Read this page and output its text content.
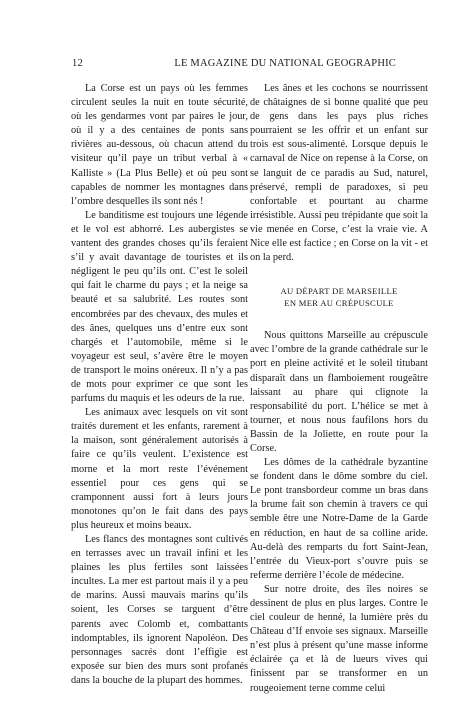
12	LE MAGAZINE DU NATIONAL GEOGRAPHIC

La Corse est un pays où les femmes circulent seules la nuit en toute sécurité, où les gendarmes vont par paires le jour, où il y a des centaines de ponts sans rivières au-dessous, où chacun attend du visiteur qu’il paye un tribut verbal à « Kalliste » (La Plus Belle) et où peu sont capables de nommer les montagnes dans l’ombre desquelles ils sont nés !

Le banditisme est toujours une légende et le vol est abhorré. Les aubergistes se vantent des grandes choses qu’ils feraient s’il y avait davantage de touristes et ils négligent le peu qu’ils ont. C’est le soleil qui fait le charme du pays ; et la neige sa beauté et sa salubrité. Les routes sont encombrées par des chevaux, des mules et des ânes, quelques uns d’entre eux sont chargés et l’automobile, même si le voyageur est seul, s’avère être le moyen de transport le moins onéreux. Il n’y a pas de mots pour exprimer ce que sont les parfums du maquis et les odeurs de la rue.

Les animaux avec lesquels on vit sont traités durement et les enfants, rarement à la maison, sont généralement autorisés à faire ce qu’ils veulent. L’existence est morne et la mort reste l’événement essentiel pour ces gens qui se cramponnent aussi fort à leurs jours monotones qu’on le fait dans des pays plus heureux et moins beaux.

Les flancs des montagnes sont cultivés en terrasses avec un travail infini et les plaines les plus fertiles sont laissées incultes. La mer est partout mais il y a peu de marins. Aussi mauvais marins qu’ils soient, les Corses se targuent d’être parents avec Colomb et, combattants indomptables, ils ignorent Napoléon. Des personnages sacrés dont l’effigie est exposée sur bien des murs sont profanés dans la bouche de la plupart des hommes.

Les ânes et les cochons se nourrissent de châtaignes de si bonne qualité que peu de gens dans les pays plus riches pourraient se les offrir et un enfant sur trois est sous-alimenté. Lorsque depuis le carnaval de Nice on repense à la Corse, on se languit de ce paradis au Sud, naturel, préservé, rempli de paradoxes, si peu confortable et pourtant au charme irrésistible. Aussi peu trépidante que soit la vie menée en Corse, c’est la vraie vie. A Nice elle est factice ; en Corse on la vit - et on la perd.

AU DÉPART DE MARSEILLE
EN MER AU CRÉPUSCULE

Nous quittons Marseille au crépuscule avec l’ombre de la grande cathédrale sur le port en pleine activité et le soleil titubant disparaît dans un flamboiement rougeâtre laissant au phare qui clignote la responsabilité du port. L’hélice se met à tourner, et nous nous faufilons hors du Bassin de la Joliette, en route pour la Corse.

Les dômes de la cathédrale byzantine se fondent dans le dôme sombre du ciel. Le pont transbordeur comme un bras dans la brume fait son chemin à travers ce qui semble être une Notre-Dame de la Garde en réduction, en haut de sa colline aride. Au-delà des remparts du fort Saint-Jean, l’entrée du Vieux-port s’ouvre puis se referme derrière l’école de médecine.

Sur notre droite, des îles noires se dessinent de plus en plus larges. Contre le ciel couleur de henné, la lumière près du Château d’If envoie ses signaux. Marseille n’est plus à présent qu’une masse informe éclairée ça et là de lueurs vives qui finissent par se transformer en un rougeoiement terne comme celui
